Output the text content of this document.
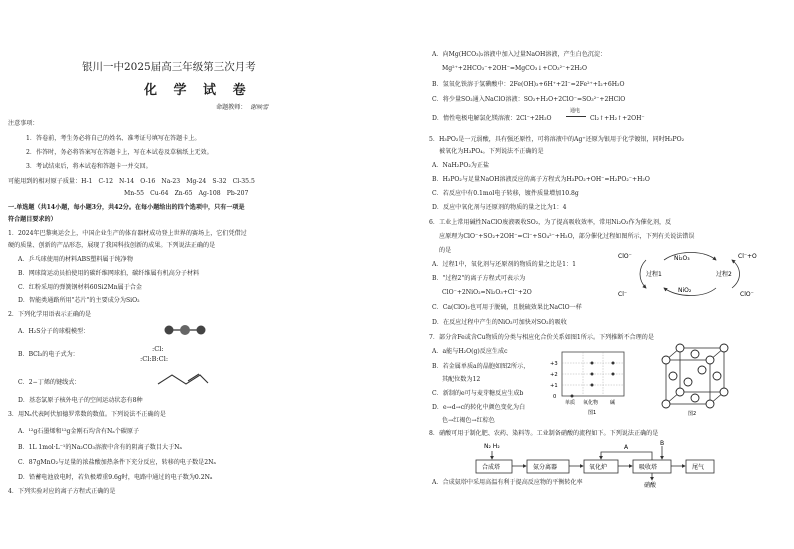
银川一中2025届高三年级第三次月考
化 学 试 卷
命题教师： 谢映雪
注意事项：
1．答卷前，考生务必将自己的姓名、准考证号填写在答题卡上。
2．作答时，务必将答案写在答题卡上，写在本试卷及草稿纸上无效。
3．考试结束后，将本试卷和答题卡一并交回。
可能用到的相对原子质量：H-1　C-12　N-14　O-16　Na-23　Mg-24　S-32　Cl-35.5
Mn-55　Cu-64　Zn-65　Ag-108　Pb-207
一.单选题（共14小题，每小题3分，共42分。在每小题给出的四个选项中，只有一项是
符合题目要求的）
1．2024年巴黎奥运会上，中国企业生产的体育器材成功登上世界的赛场上，它们凭借过
硬的质量、创新的产品形态，展现了我国科技创新的成果。下列说法正确的是
A．乒乓球使用的材料ABS塑料属于纯净物
B．网球筒运动员拍使用的碳纤维网球拍，碳纤维属有机高分子材料
C．红粉采用的弹簧钢材料60Si2Mn属于合金
D．智能类通路所用"芯片"的主要成分为SiO₂
2．下列化学用语表示正确的是
A．H₂S分子的球棍模型：
B．BCl₃的电子式为：
:Cl:
:Cl:B:Cl:
C．2−丁烯的键线式：
D．基态氯原子核外电子的空间运动状态有8种
3．用Nₐ代表阿伏加德罗常数的数值。下列说法不正确的是
A．¹²g石墨烯和¹²g金刚石均含有Nₐ个碳原子
B．1L 1mol·L⁻¹的Na₂CO₃溶液中含有的阴离子数目大于Nₐ
C．87gMnO₂与足量的浓盐酸加热条件下充分反应，转移的电子数是2Nₐ
D．铅蓄电池放电时，若负极增重9.6g时，电路中通过的电子数为0.2Nₐ
4．下列实验对应的离子方程式正确的是
A．向Mg(HCO₃)₂溶液中加入过量NaOH溶液，产生白色沉淀：
Mg²⁺+2HCO₃⁻+2OH⁻=MgCO₃↓+CO₃²⁻+2H₂O
B．氢氧化铁溶于氢碘酸中：2Fe(OH)₃+6H⁺+2I⁻=2Fe²⁺+I₂+6H₂O
C．将少量SO₂通入NaClO溶液：SO₂+H₂O+2ClO⁻=SO₃²⁻+2HClO
D．惰性电极电解氯化镁溶液：2Cl⁻+2H₂O
通电
Cl₂↑+H₂↑+2OH⁻
5．H₃PO₂是一元弱酸，具有强还原性，可将溶液中的Ag⁺还原为银用于化学镀银，同时H₃PO₂
被氧化为H₃PO₄。下列说法不正确的是
A．NaH₂PO₂为正盐
B．H₃PO₂与足量NaOH溶液反应的离子方程式为H₃PO₂+OH⁻=H₂PO₂⁻+H₂O
C．若反应中有0.1mol电子转移，镀件质量增加10.8g
D．反应中氧化剂与还原剂的物质的量之比为1：4
6．工业上常用碱性NaClO废液吸收SO₂，为了提高吸收效率，常用Ni₂O₃作为催化剂，反
应原理为ClO⁻+SO₂+2OH⁻=Cl⁻+SO₄²⁻+H₂O，部分催化过程如图所示，下列有关说法错误
的是
A．过程1中，氧化剂与还原剂的物质的量之比是1：1
B．"过程2"的离子方程式可表示为
ClO⁻+2NiO₂=Ni₂O₃+Cl⁻+2O
C．Ca(ClO)₂也可用于脱硫，且脱硫效果比NaClO一样
D．在反应过程中产生的NiO₂可加快对SO₂的吸收
ClO⁻
Cl⁻
Ni₂O₃
NiO₂
Cl⁻+O
ClO⁻
过程1	过程2
7．部分含Fe或含Cu物质的分类与相应化合价关系如图1所示。下列推断不合理的是
A．a能与H₂O(g)反应生成c
B．若金属单质a的晶胞如图2所示，
其配位数为12
C．新制的e可与麦芽糖反应生成b
D．e→d→c的转化中颜色变化为白
色→红褐色→红棕色
+3
+2
+1
0
单质 氧化物 碱
图1	图2
8．硝酸可用于制化肥、农药、染料等。工业制备硝酸的流程如下。下列说法正确的是
N₂ H₂
合成塔	氨分离器	氧化炉	吸收塔	尾气
A
B
硝酸
A．合成氨塔中采用高温有利于提高反应物的平衡转化率
